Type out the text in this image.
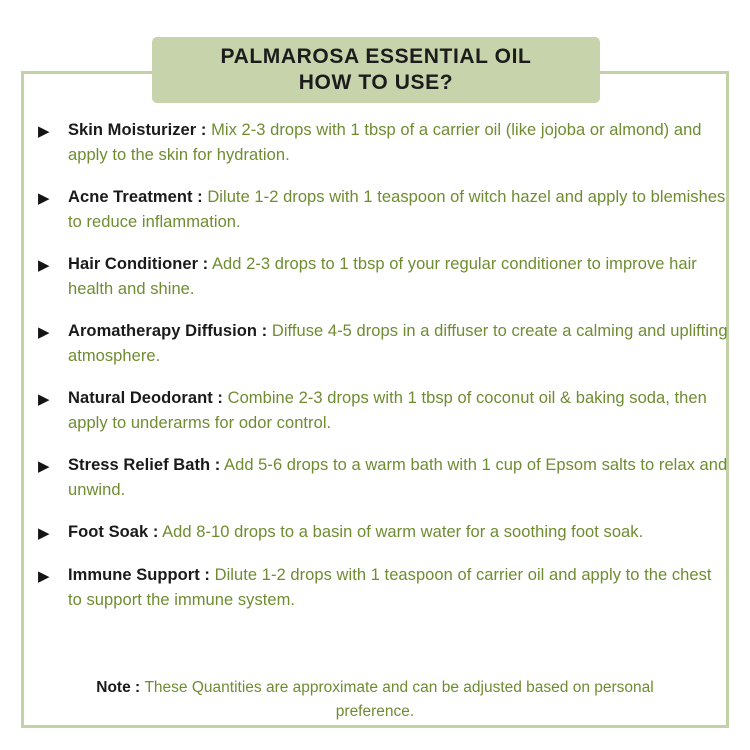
PALMAROSA ESSENTIAL OIL
HOW TO USE?
▶	Skin Moisturizer : Mix 2-3 drops with 1 tbsp of a carrier oil (like jojoba or almond) and apply to the skin for hydration.
▶	Acne Treatment : Dilute 1-2 drops with 1 teaspoon of witch hazel and apply to blemishes to reduce inflammation.
▶	Hair Conditioner : Add 2-3 drops to 1 tbsp of your regular conditioner to improve hair health and shine.
▶	Aromatherapy Diffusion : Diffuse 4-5 drops in a diffuser to create a calming and uplifting atmosphere.
▶	Natural Deodorant : Combine 2-3 drops with 1 tbsp of coconut oil & baking soda, then apply to underarms for odor control.
▶	Stress Relief Bath : Add 5-6 drops to a warm bath with 1 cup of Epsom salts to relax and unwind.
▶	Foot Soak : Add 8-10 drops to a basin of warm water for a soothing foot soak.
▶	Immune Support : Dilute 1-2 drops with 1 teaspoon of carrier oil and apply to the chest to support the immune system.
Note : These Quantities are approximate and can be adjusted based on personal preference.
